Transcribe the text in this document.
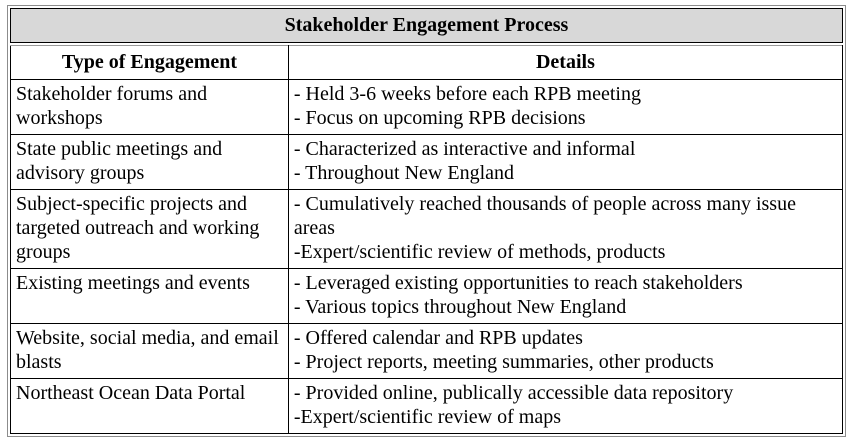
Stakeholder Engagement Process
Type of Engagement	Details
Stakeholder forums and workshops	- Held 3-6 weeks before each RPB meeting
- Focus on upcoming RPB decisions

State public meetings and advisory groups	- Characterized as interactive and informal
- Throughout New England

Subject-specific projects and targeted outreach and working groups	- Cumulatively reached thousands of people across many issue areas
-Expert/scientific review of methods, products

Existing meetings and events	- Leveraged existing opportunities to reach stakeholders
- Various topics throughout New England

Website, social media, and email blasts	- Offered calendar and RPB updates
- Project reports, meeting summaries, other products

Northeast Ocean Data Portal	- Provided online, publically accessible data repository
-Expert/scientific review of maps
